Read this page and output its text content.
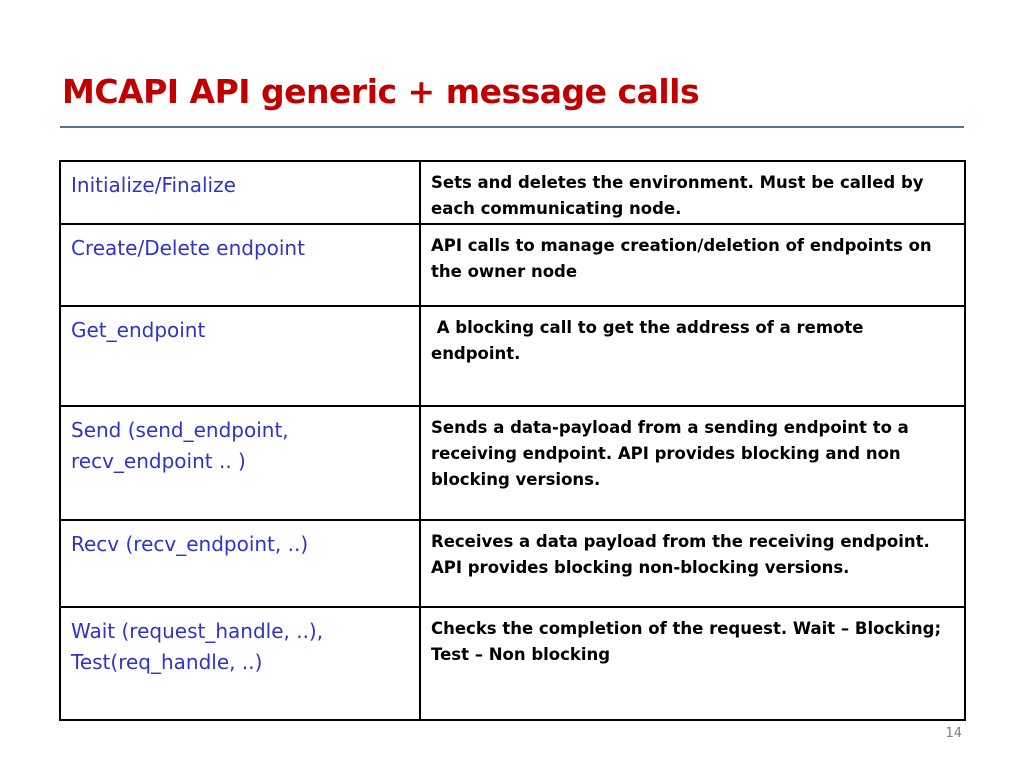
MCAPI API generic + message calls
Initialize/Finalize	Sets and deletes the environment. Must be called by each communicating node.

Create/Delete endpoint	API calls to manage creation/deletion of endpoints on the owner node

Get_endpoint	A blocking call to get the address of a remote endpoint.

Send (send_endpoint, recv_endpoint .. )	Sends a data-payload from a sending endpoint to a receiving endpoint. API provides blocking and non blocking versions.

Recv (recv_endpoint, ..)	Receives a data payload from the receiving endpoint. API provides blocking non-blocking versions.

Wait (request_handle, ..), Test(req_handle, ..)	Checks the completion of the request. Wait – Blocking; Test – Non blocking
14
